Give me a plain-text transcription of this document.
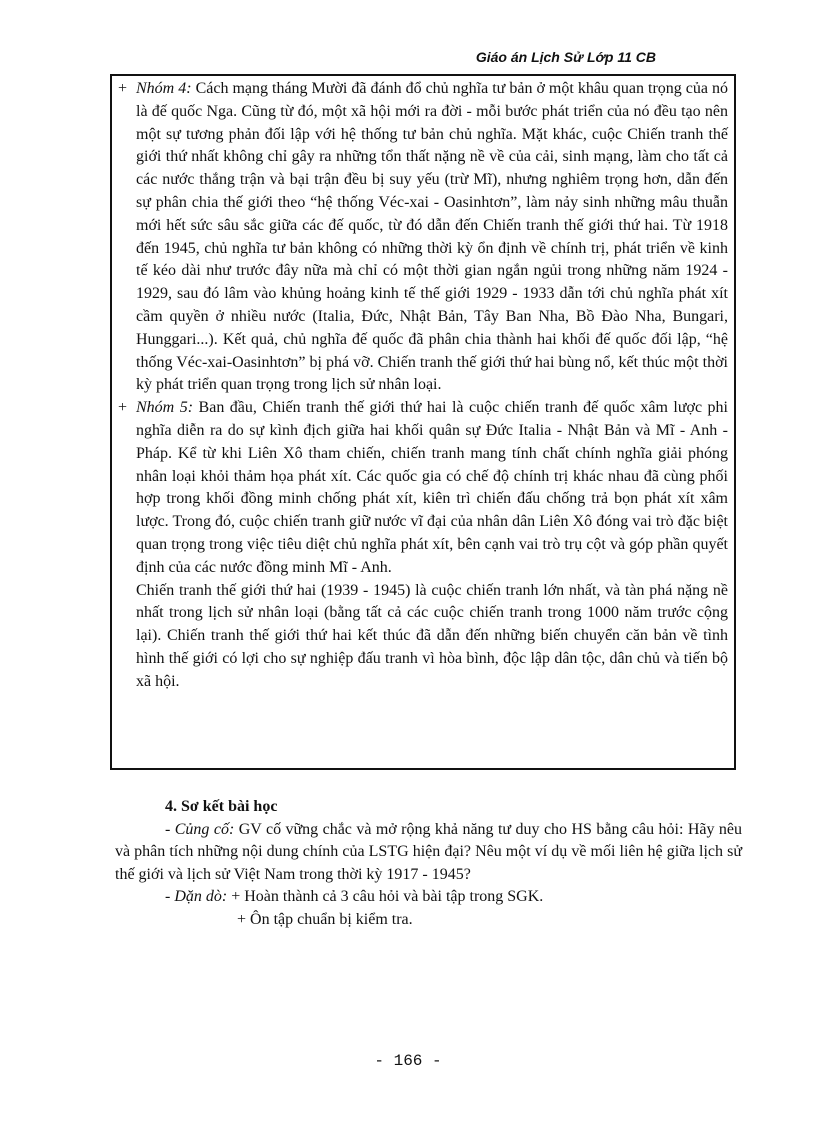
Giáo án Lịch Sử Lớp 11 CB

+ Nhóm 4: Cách mạng tháng Mười đã đánh đổ chủ nghĩa tư bản ở một khâu quan trọng của nó là đế quốc Nga. Cũng từ đó, một xã hội mới ra đời - mỗi bước phát triển của nó đều tạo nên một sự tương phản đối lập với hệ thống tư bản chủ nghĩa. Mặt khác, cuộc Chiến tranh thế giới thứ nhất không chỉ gây ra những tổn thất nặng nề về của cải, sinh mạng, làm cho tất cả các nước thắng trận và bại trận đều bị suy yếu (trừ Mĩ), nhưng nghiêm trọng hơn, dẫn đến sự phân chia thế giới theo “hệ thống Véc-xai - Oasinhtơn”, làm nảy sinh những mâu thuẫn mới hết sức sâu sắc giữa các đế quốc, từ đó dẫn đến Chiến tranh thế giới thứ hai. Từ 1918 đến 1945, chủ nghĩa tư bản không có những thời kỳ ổn định về chính trị, phát triển về kinh tế kéo dài như trước đây nữa mà chỉ có một thời gian ngắn ngủi trong những năm 1924 - 1929, sau đó lâm vào khủng hoảng kinh tế thế giới 1929 - 1933 dẫn tới chủ nghĩa phát xít cầm quyền ở nhiều nước (Italia, Đức, Nhật Bản, Tây Ban Nha, Bồ Đào Nha, Bungari, Hunggari...). Kết quả, chủ nghĩa đế quốc đã phân chia thành hai khối đế quốc đối lập, “hệ thống Véc-xai-Oasinhtơn” bị phá vỡ. Chiến tranh thế giới thứ hai bùng nổ, kết thúc một thời kỳ phát triển quan trọng trong lịch sử nhân loại.

+ Nhóm 5: Ban đầu, Chiến tranh thế giới thứ hai là cuộc chiến tranh đế quốc xâm lược phi nghĩa diễn ra do sự kình địch giữa hai khối quân sự Đức Italia - Nhật Bản và Mĩ - Anh - Pháp. Kể từ khi Liên Xô tham chiến, chiến tranh mang tính chất chính nghĩa giải phóng nhân loại khỏi thảm họa phát xít. Các quốc gia có chế độ chính trị khác nhau đã cùng phối hợp trong khối đồng minh chống phát xít, kiên trì chiến đấu chống trả bọn phát xít xâm lược. Trong đó, cuộc chiến tranh giữ nước vĩ đại của nhân dân Liên Xô đóng vai trò đặc biệt quan trọng trong việc tiêu diệt chủ nghĩa phát xít, bên cạnh vai trò trụ cột và góp phần quyết định của các nước đồng minh Mĩ - Anh.

Chiến tranh thế giới thứ hai (1939 - 1945) là cuộc chiến tranh lớn nhất, và tàn phá nặng nề nhất trong lịch sử nhân loại (bằng tất cả các cuộc chiến tranh trong 1000 năm trước cộng lại). Chiến tranh thế giới thứ hai kết thúc đã dẫn đến những biến chuyển căn bản về tình hình thế giới có lợi cho sự nghiệp đấu tranh vì hòa bình, độc lập dân tộc, dân chủ và tiến bộ xã hội.

4. Sơ kết bài học

- Củng cố: GV cố vững chắc và mở rộng khả năng tư duy cho HS bằng câu hỏi: Hãy nêu và phân tích những nội dung chính của LSTG hiện đại? Nêu một ví dụ về mối liên hệ giữa lịch sử thế giới và lịch sử Việt Nam trong thời kỳ 1917 - 1945?

- Dặn dò: + Hoàn thành cả 3 câu hỏi và bài tập trong SGK.

+ Ôn tập chuẩn bị kiểm tra.

- 166 -
